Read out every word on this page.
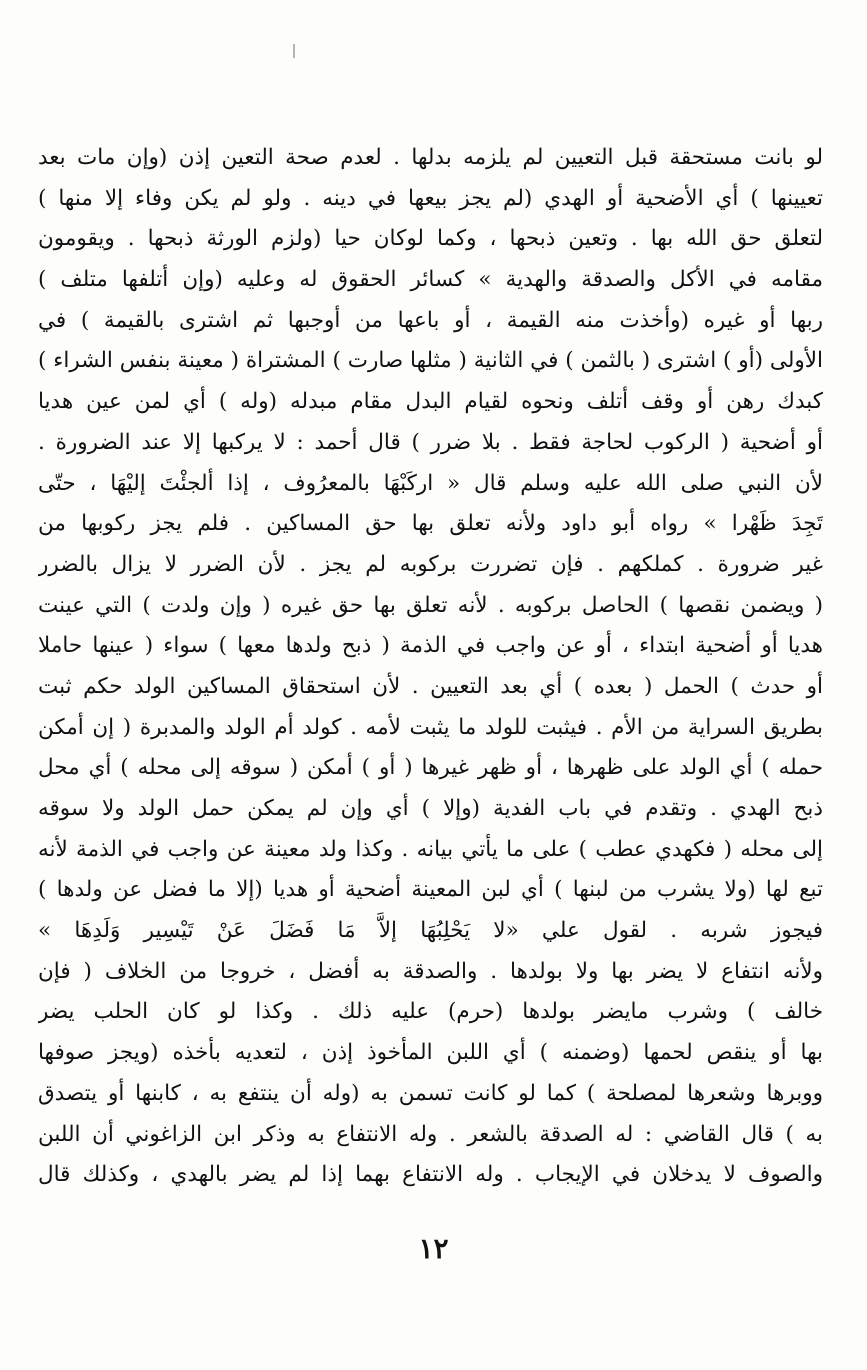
لو بانت مستحقة قبل التعيين لم يلزمه بدلها . لعدم صحة التعين إذن (وإن مات بعد
تعيينها ) أي الأضحية أو الهدي (لم يجز بيعها في دينه . ولو لم يكن وفاء إلا منها )
لتعلق حق الله بها . وتعين ذبحها ، وكما لوكان حيا (ولزم الورثة ذبحها . ويقومون
مقامه في الأكل والصدقة والهدية » كسائر الحقوق له وعليه (وإن أتلفها متلف )
ربها أو غيره (وأخذت منه القيمة ، أو باعها من أوجبها ثم اشترى بالقيمة ) في
الأولى (أو ) اشترى ( بالثمن ) في الثانية ( مثلها صارت ) المشتراة ( معينة بنفس الشراء )
كبدك رهن أو وقف أتلف ونحوه لقيام البدل مقام مبدله (وله ) أي لمن عين هديا
أو أضحية ( الركوب لحاجة فقط . بلا ضرر ) قال أحمد : لا يركبها إلا عند الضرورة .
لأن النبي صلى الله عليه وسلم قال « اركَبْهَا بالمعرُوف ، إذا ألجئْتَ إليْهَا ، حتّى
تَجِدَ ظَهْرا » رواه أبو داود ولأنه تعلق بها حق المساكين . فلم يجز ركوبها من
غير ضرورة . كملكهم . فإن تضررت بركوبه لم يجز . لأن الضرر لا يزال بالضرر
( ويضمن نقصها ) الحاصل بركوبه . لأنه تعلق بها حق غيره ( وإن ولدت ) التي عينت
هديا أو أضحية ابتداء ، أو عن واجب في الذمة ( ذبح ولدها معها ) سواء ( عينها حاملا
أو حدث ) الحمل ( بعده ) أي بعد التعيين . لأن استحقاق المساكين الولد حكم ثبت
بطريق السراية من الأم . فيثبت للولد ما يثبت لأمه . كولد أم الولد والمدبرة ( إن أمكن
حمله ) أي الولد على ظهرها ، أو ظهر غيرها ( أو ) أمكن ( سوقه إلى محله ) أي محل
ذبح الهدي . وتقدم في باب الفدية (وإلا ) أي وإن لم يمكن حمل الولد ولا سوقه
إلى محله ( فكهدي عطب ) على ما يأتي بيانه . وكذا ولد معينة عن واجب في الذمة لأنه
تبع لها (ولا يشرب من لبنها ) أي لبن المعينة أضحية أو هديا (إلا ما فضل عن ولدها )
فيجوز شربه . لقول علي «لا يَحْلِبُهَا إلاَّ مَا فَضَلَ عَنْ تَيْسِير وَلَدِهَا »
ولأنه انتفاع لا يضر بها ولا بولدها . والصدقة به أفضل ، خروجا من الخلاف ( فإن
خالف ) وشرب مايضر بولدها (حرم) عليه ذلك . وكذا لو كان الحلب يضر
بها أو ينقص لحمها (وضمنه ) أي اللبن المأخوذ إذن ، لتعديه بأخذه (ويجز صوفها
ووبرها وشعرها لمصلحة ) كما لو كانت تسمن به (وله أن ينتفع به ، كابنها أو يتصدق
به ) قال القاضي : له الصدقة بالشعر . وله الانتفاع به وذكر ابن الزاغوني أن اللبن
والصوف لا يدخلان في الإيجاب . وله الانتفاع بهما إذا لم يضر بالهدي ، وكذلك قال
١٢
